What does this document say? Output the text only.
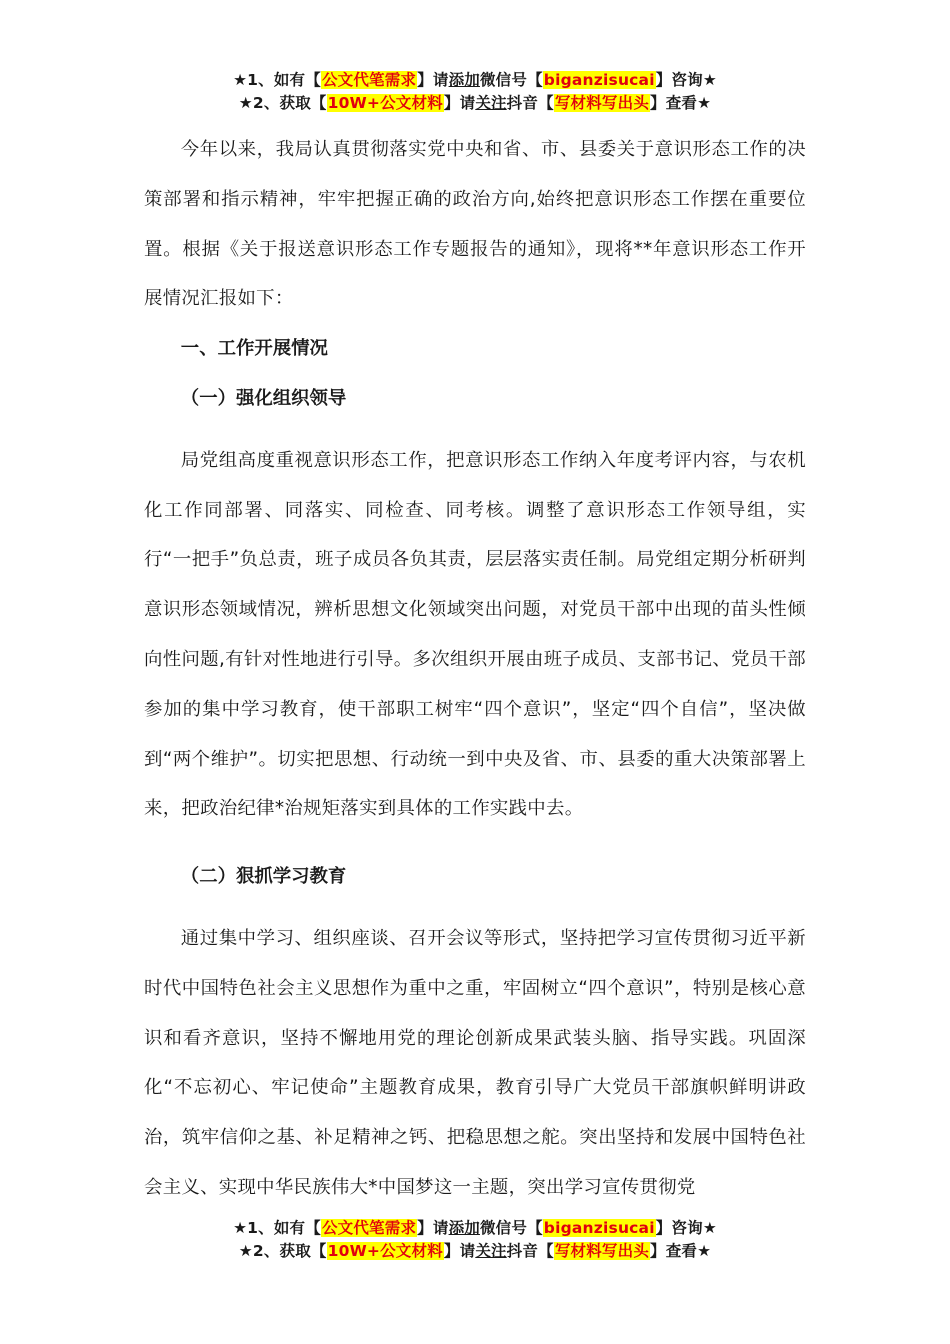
★1、如有【公文代笔需求】请添加微信号【biganzisucai】咨询★
★2、获取【10W+公文材料】请关注抖音【写材料写出头】查看★

今年以来，我局认真贯彻落实党中央和省、市、县委关于意识形态工作的决策部署和指示精神，牢牢把握正确的政治方向,始终把意识形态工作摆在重要位置。根据《关于报送意识形态工作专题报告的通知》，现将**年意识形态工作开展情况汇报如下：

一、工作开展情况

（一）强化组织领导

局党组高度重视意识形态工作，把意识形态工作纳入年度考评内容，与农机化工作同部署、同落实、同检查、同考核。调整了意识形态工作领导组，实行“一把手”负总责，班子成员各负其责，层层落实责任制。局党组定期分析研判意识形态领域情况，辨析思想文化领域突出问题，对党员干部中出现的苗头性倾向性问题,有针对性地进行引导。多次组织开展由班子成员、支部书记、党员干部参加的集中学习教育，使干部职工树牢“四个意识”，坚定“四个自信”，坚决做到“两个维护”。切实把思想、行动统一到中央及省、市、县委的重大决策部署上来，把政治纪律*治规矩落实到具体的工作实践中去。

（二）狠抓学习教育

通过集中学习、组织座谈、召开会议等形式，坚持把学习宣传贯彻习近平新时代中国特色社会主义思想作为重中之重，牢固树立“四个意识”，特别是核心意识和看齐意识，坚持不懈地用党的理论创新成果武装头脑、指导实践。巩固深化“不忘初心、牢记使命”主题教育成果，教育引导广大党员干部旗帜鲜明讲政治，筑牢信仰之基、补足精神之钙、把稳思想之舵。突出坚持和发展中国特色社会主义、实现中华民族伟大*中国梦这一主题，突出学习宣传贯彻党

★1、如有【公文代笔需求】请添加微信号【biganzisucai】咨询★
★2、获取【10W+公文材料】请关注抖音【写材料写出头】查看★
